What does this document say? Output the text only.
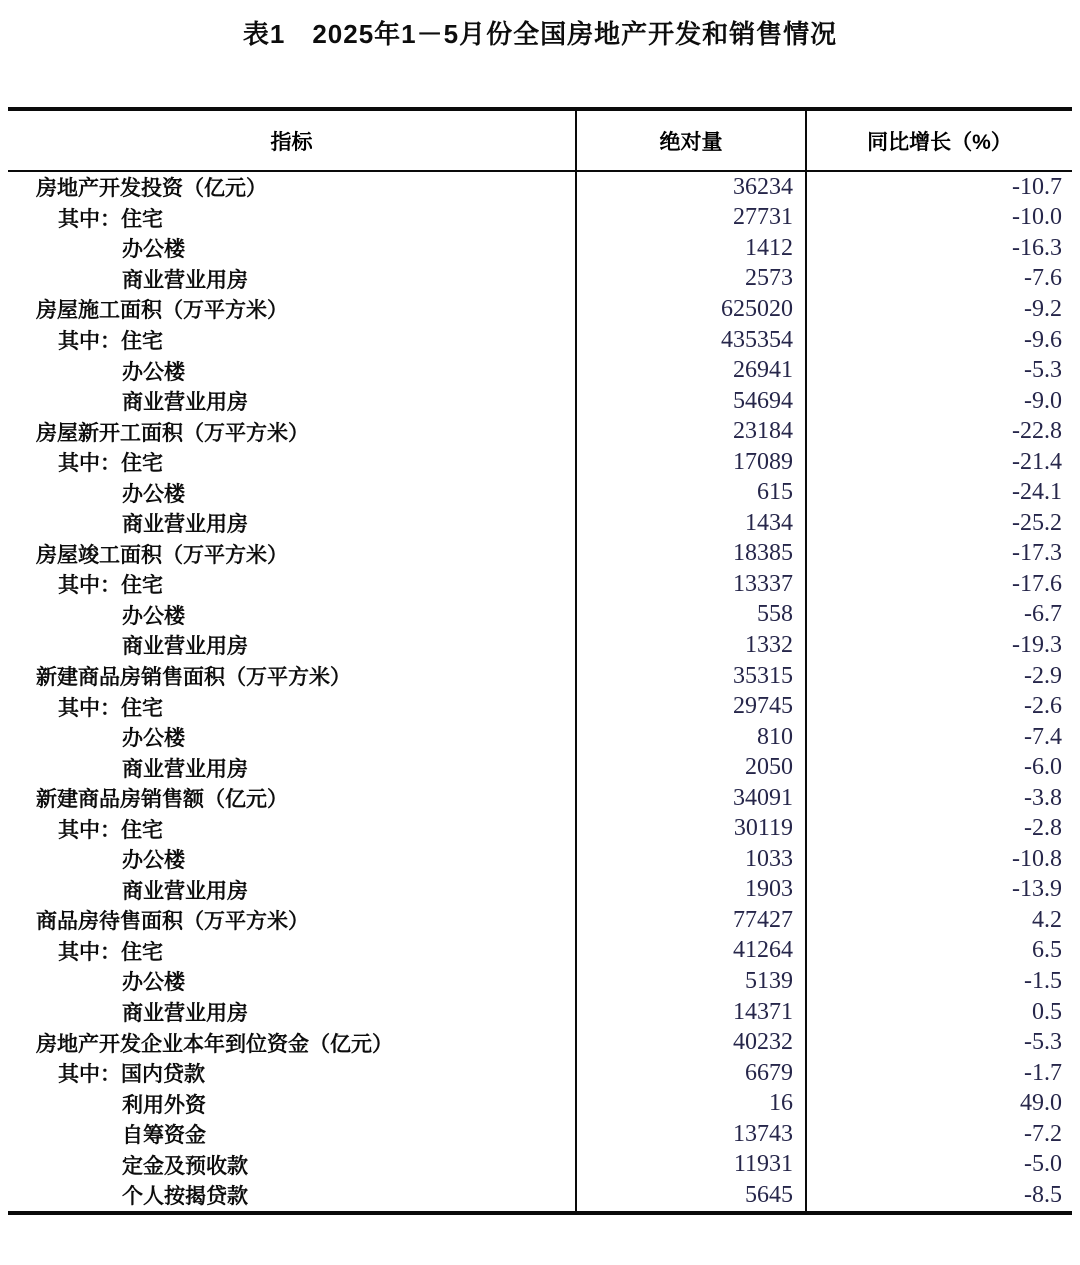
表1　2025年1－5月份全国房地产开发和销售情况
指标	绝对量	同比增长（%）
房地产开发投资（亿元）	36234	-10.7
其中：住宅	27731	-10.0
办公楼	1412	-16.3
商业营业用房	2573	-7.6
房屋施工面积（万平方米）	625020	-9.2
其中：住宅	435354	-9.6
办公楼	26941	-5.3
商业营业用房	54694	-9.0
房屋新开工面积（万平方米）	23184	-22.8
其中：住宅	17089	-21.4
办公楼	615	-24.1
商业营业用房	1434	-25.2
房屋竣工面积（万平方米）	18385	-17.3
其中：住宅	13337	-17.6
办公楼	558	-6.7
商业营业用房	1332	-19.3
新建商品房销售面积（万平方米）	35315	-2.9
其中：住宅	29745	-2.6
办公楼	810	-7.4
商业营业用房	2050	-6.0
新建商品房销售额（亿元）	34091	-3.8
其中：住宅	30119	-2.8
办公楼	1033	-10.8
商业营业用房	1903	-13.9
商品房待售面积（万平方米）	77427	4.2
其中：住宅	41264	6.5
办公楼	5139	-1.5
商业营业用房	14371	0.5
房地产开发企业本年到位资金（亿元）	40232	-5.3
其中：国内贷款	6679	-1.7
利用外资	16	49.0
自筹资金	13743	-7.2
定金及预收款	11931	-5.0
个人按揭贷款	5645	-8.5
